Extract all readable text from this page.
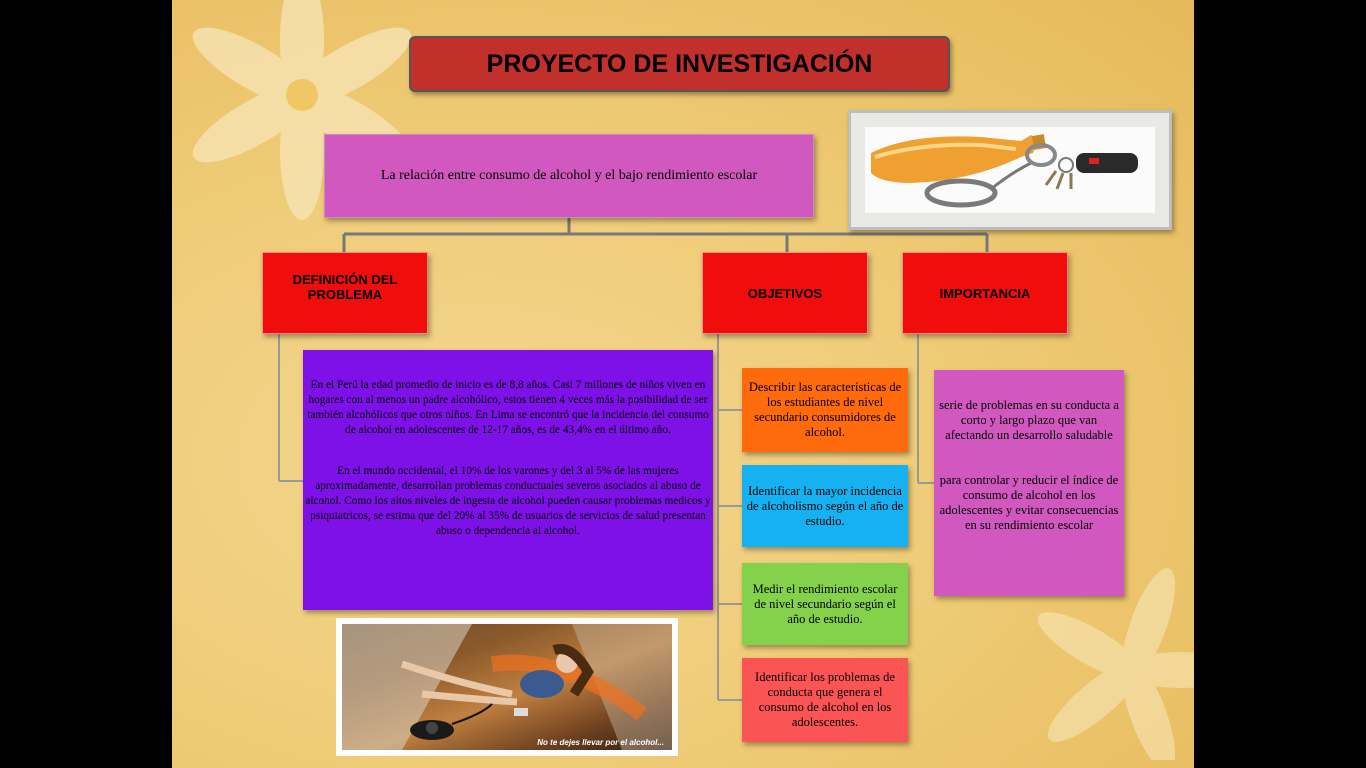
PROYECTO DE INVESTIGACIÓN
La relación entre consumo de alcohol y el bajo rendimiento escolar
DEFINICIÓN DEL PROBLEMA	OBJETIVOS	IMPORTANCIA

En el Perú la edad promedio de inicio es de 8,8 años. Casi 7 millones de niños viven en hogares con al menos un padre alcohólico, estos tienen 4 veces más la posibilidad de ser también alcohólicos que otros niños. En Lima se encontró que la incidencia del consumo de alcohol en adolescentes de 12-17 años, es de 43,4% en el último año.

En el mundo occidental, el 10% de los varones y del 3 al 5% de las mujeres aproximadamente, desarrollan problemas conductuales severos asociados al abuso de alcohol. Como los altos niveles de ingesta de alcohol pueden causar problemas medicos y psiquiatricos, se estima que del 20% al 35% de usuarios de servicios de salud presentan abuso o dependencia al alcohol.

Describir las características de los estudiantes de nivel secundario consumidores de alcohol.
Identificar la mayor incidencia de alcoholismo según el año de estudio.
Medir el rendimiento escolar de nivel secundario según el año de estudio.
Identificar los problemas de conducta que genera el consumo de alcohol en los adolescentes.

serie de problemas en su conducta a corto y largo plazo que van afectando un desarrollo saludable

para controlar y reducir el índice de consumo de alcohol en los adolescentes y evitar consecuencias en su rendimiento escolar

No te dejes llevar por el alcohol...
